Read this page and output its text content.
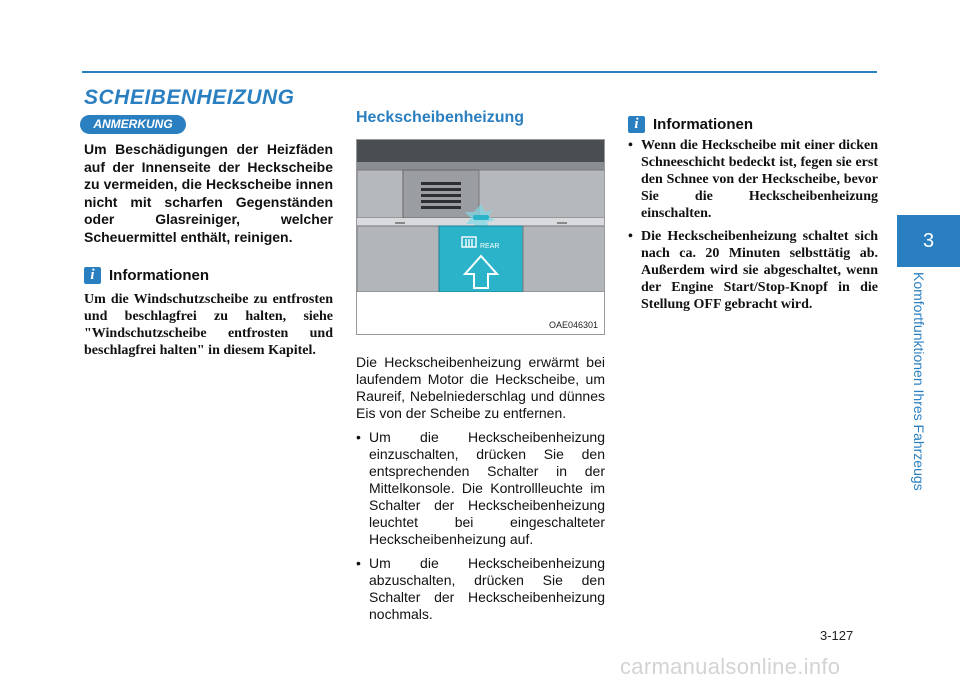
SCHEIBENHEIZUNG
ANMERKUNG
Um Beschädigungen der Heizfäden auf der Innenseite der Heckscheibe zu vermeiden, die Heckscheibe innen nicht mit scharfen Gegenständen oder Glasreiniger, welcher Scheuermittel enthält, reinigen.
i Informationen
Um die Windschutzscheibe zu entfrosten und beschlagfrei zu halten, siehe "Windschutzscheibe entfrosten und beschlagfrei halten" in diesem Kapitel.
Heckscheibenheizung
REAR
OAE046301
Die Heckscheibenheizung erwärmt bei laufendem Motor die Heckscheibe, um Raureif, Nebelniederschlag und dünnes Eis von der Scheibe zu entfernen.
• Um die Heckscheibenheizung einzuschalten, drücken Sie den entsprechenden Schalter in der Mittelkonsole. Die Kontrollleuchte im Schalter der Heckscheibenheizung leuchtet bei eingeschalteter Heckscheibenheizung auf.
• Um die Heckscheibenheizung abzuschalten, drücken Sie den Schalter der Heckscheibenheizung nochmals.
i Informationen
• Wenn die Heckscheibe mit einer dicken Schneeschicht bedeckt ist, fegen sie erst den Schnee von der Heckscheibe, bevor Sie die Heckscheibenheizung einschalten.
• Die Heckscheibenheizung schaltet sich nach ca. 20 Minuten selbsttätig ab. Außerdem wird sie abgeschaltet, wenn der Engine Start/Stop-Knopf in die Stellung OFF gebracht wird.
3
Komfortfunktionen Ihres Fahrzeugs
3-127
carmanualsonline.info
